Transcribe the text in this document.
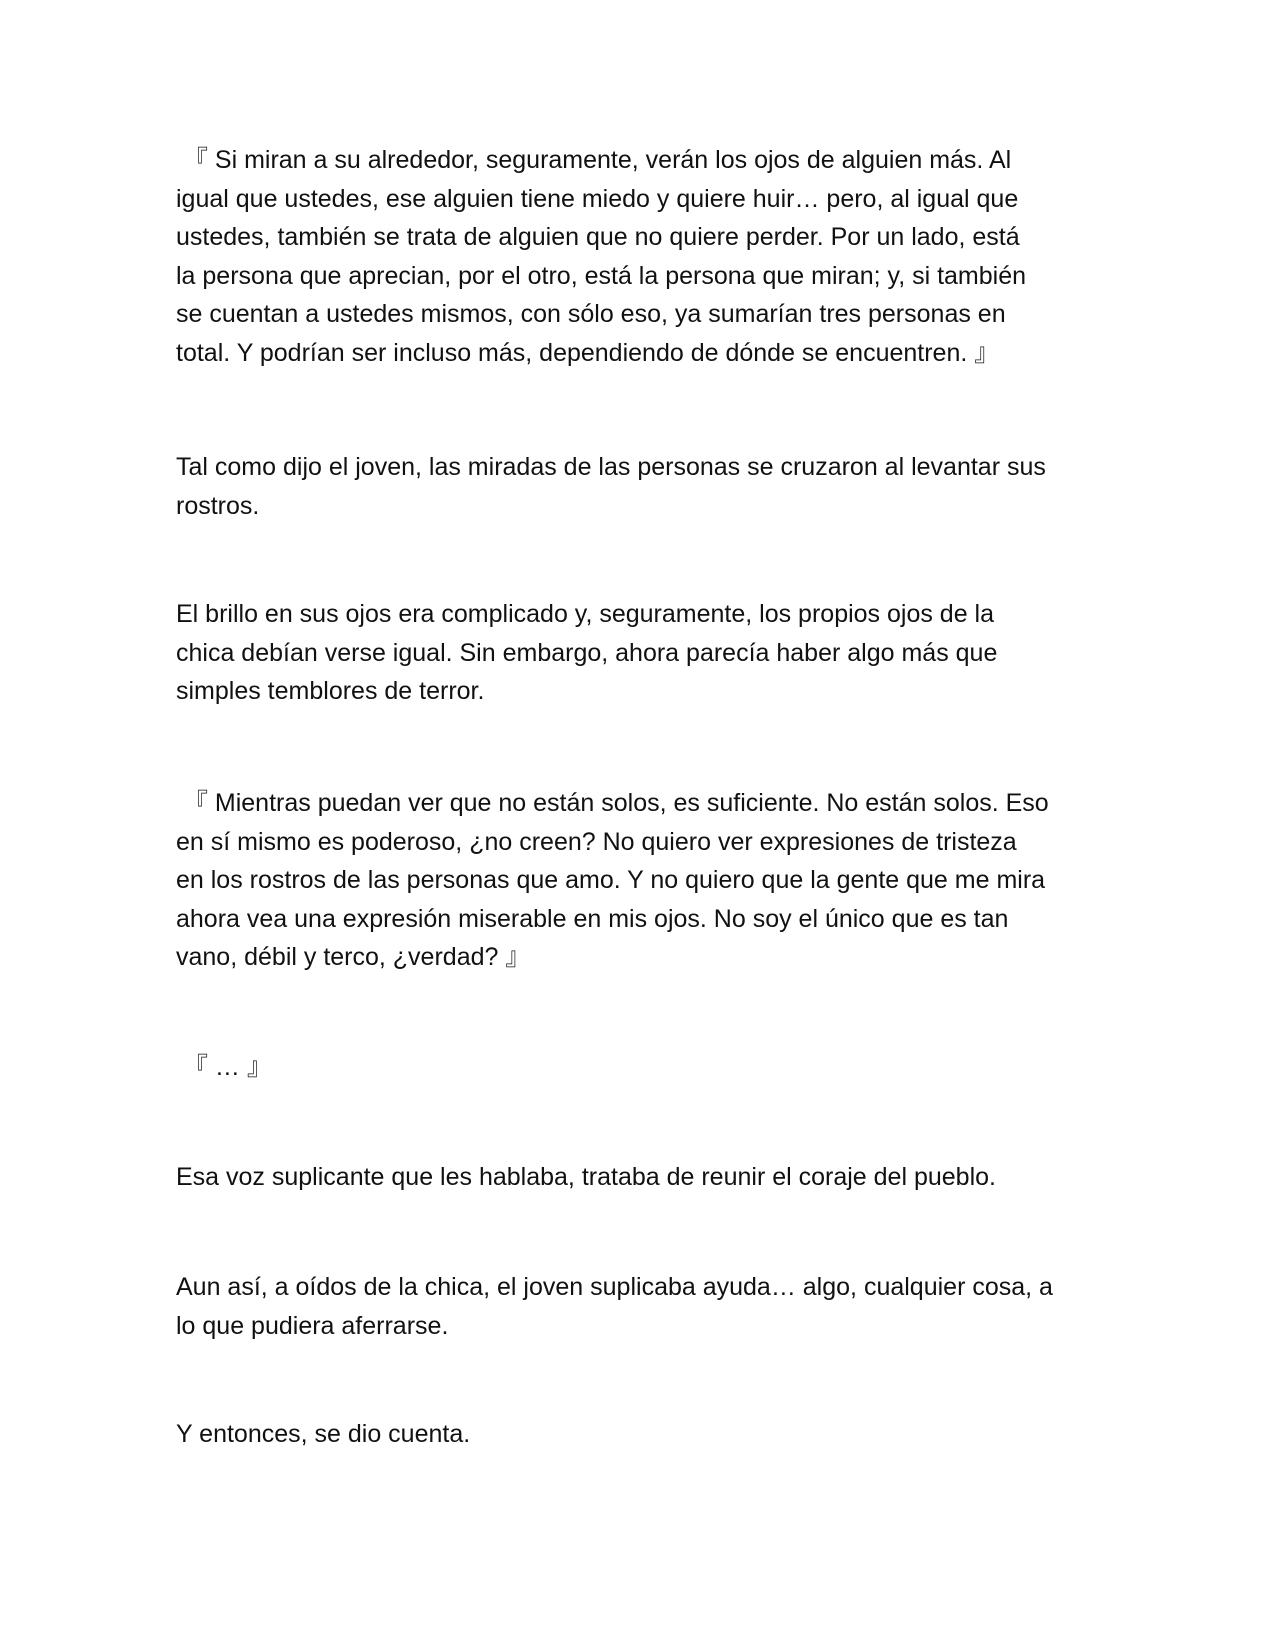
『 Si miran a su alrededor, seguramente, verán los ojos de alguien más. Al
igual que ustedes, ese alguien tiene miedo y quiere huir… pero, al igual que
ustedes, también se trata de alguien que no quiere perder. Por un lado, está
la persona que aprecian, por el otro, está la persona que miran; y, si también
se cuentan a ustedes mismos, con sólo eso, ya sumarían tres personas en
total. Y podrían ser incluso más, dependiendo de dónde se encuentren. 』

Tal como dijo el joven, las miradas de las personas se cruzaron al levantar sus
rostros.

El brillo en sus ojos era complicado y, seguramente, los propios ojos de la
chica debían verse igual. Sin embargo, ahora parecía haber algo más que
simples temblores de terror.

『 Mientras puedan ver que no están solos, es suficiente. No están solos. Eso
en sí mismo es poderoso, ¿no creen? No quiero ver expresiones de tristeza
en los rostros de las personas que amo. Y no quiero que la gente que me mira
ahora vea una expresión miserable en mis ojos. No soy el único que es tan
vano, débil y terco, ¿verdad? 』

『 … 』

Esa voz suplicante que les hablaba, trataba de reunir el coraje del pueblo.

Aun así, a oídos de la chica, el joven suplicaba ayuda… algo, cualquier cosa, a
lo que pudiera aferrarse.

Y entonces, se dio cuenta.
